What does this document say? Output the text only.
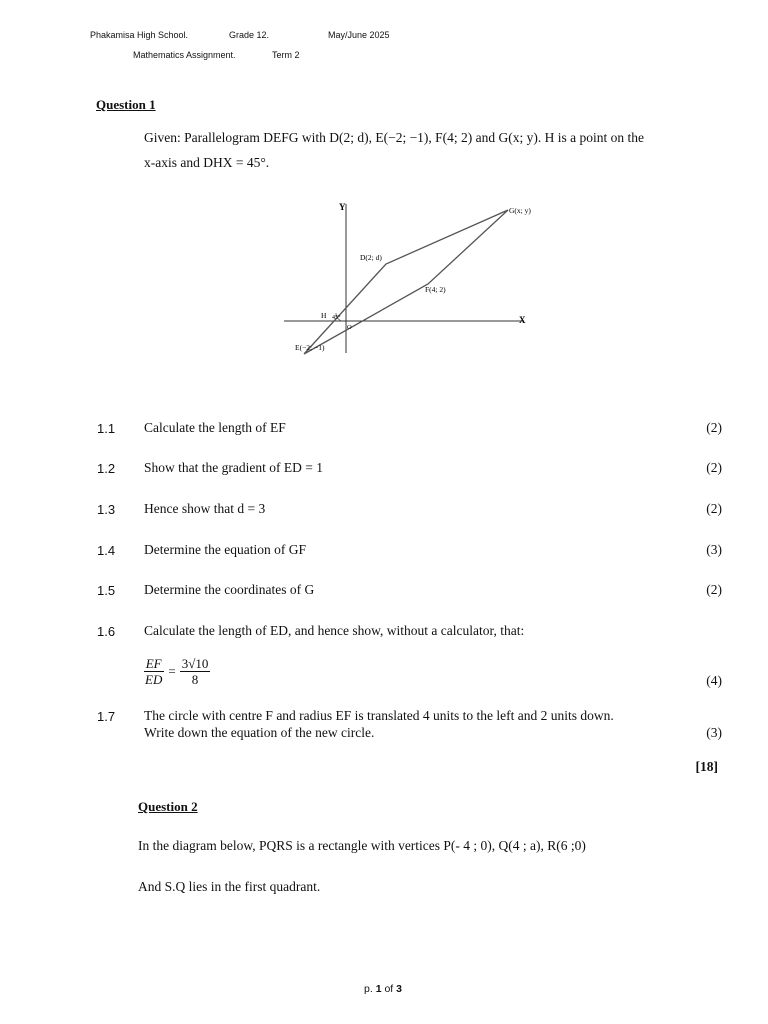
Phakamisa High School.	Grade 12.	May/June 2025
Mathematics Assignment.	Term 2
Question 1
Given: Parallelogram DEFG with D(2; d), E(−2; −1), F(4; 2) and G(x; y). H is a point on the
x-axis and DHX = 45°.
Y
X
G(x; y)
D(2; d)
F(4; 2)
H 45°
O
E(−2; −1)
1.1 Calculate the length of EF	(2)
1.2 Show that the gradient of ED = 1	(2)
1.3 Hence show that d = 3	(2)
1.4 Determine the equation of GF	(3)
1.5 Determine the coordinates of G	(2)
1.6 Calculate the length of ED, and hence show, without a calculator, that:
$\frac{EF}{ED} = \frac{3√10}{8}$	(4)
1.7 The circle with centre F and radius EF is translated 4 units to the left and 2 units down.
Write down the equation of the new circle.	(3)
[18]
Question 2
In the diagram below, PQRS is a rectangle with vertices P(- 4 ; 0), Q(4 ; a), R(6 ;0)
And S.Q lies in the first quadrant.
p. 1 of 3
